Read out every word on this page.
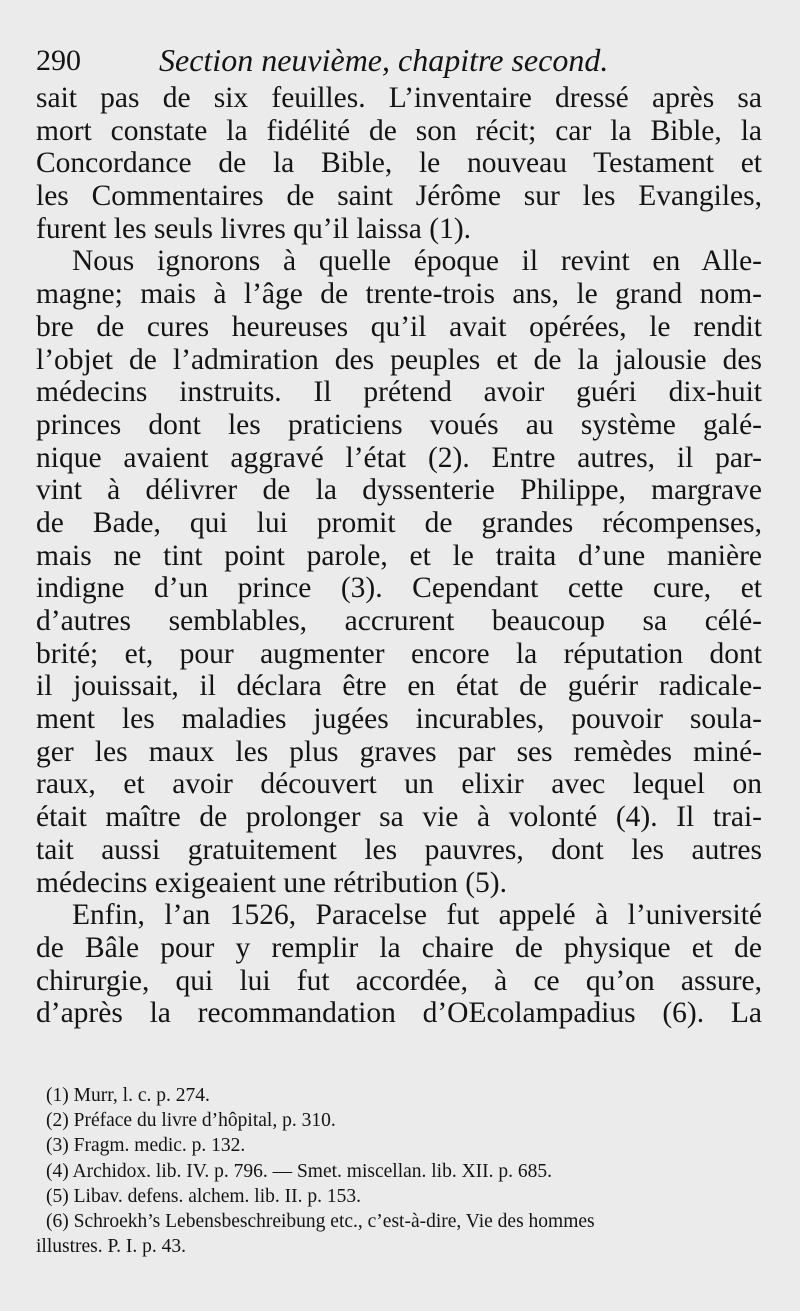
290 Section neuvième, chapitre second.
sait pas de six feuilles. L’inventaire dressé après sa
mort constate la fidélité de son récit; car la Bible, la
Concordance de la Bible, le nouveau Testament et
les Commentaires de saint Jérôme sur les Evangiles,
furent les seuls livres qu’il laissa (1).
Nous ignorons à quelle époque il revint en Alle-
magne; mais à l’âge de trente-trois ans, le grand nom-
bre de cures heureuses qu’il avait opérées, le rendit
l’objet de l’admiration des peuples et de la jalousie des
médecins instruits. Il prétend avoir guéri dix-huit
princes dont les praticiens voués au système galé-
nique avaient aggravé l’état (2). Entre autres, il par-
vint à délivrer de la dyssenterie Philippe, margrave
de Bade, qui lui promit de grandes récompenses,
mais ne tint point parole, et le traita d’une manière
indigne d’un prince (3). Cependant cette cure, et
d’autres semblables, accrurent beaucoup sa célé-
brité; et, pour augmenter encore la réputation dont
il jouissait, il déclara être en état de guérir radicale-
ment les maladies jugées incurables, pouvoir soula-
ger les maux les plus graves par ses remèdes miné-
raux, et avoir découvert un elixir avec lequel on
était maître de prolonger sa vie à volonté (4). Il trai-
tait aussi gratuitement les pauvres, dont les autres
médecins exigeaient une rétribution (5).
Enfin, l’an 1526, Paracelse fut appelé à l’université
de Bâle pour y remplir la chaire de physique et de
chirurgie, qui lui fut accordée, à ce qu’on assure,
d’après la recommandation d’OEcolampadius (6). La
(1) Murr, l. c. p. 274.
(2) Préface du livre d’hôpital, p. 310.
(3) Fragm. medic. p. 132.
(4) Archidox. lib. IV. p. 796. — Smet. miscellan. lib. XII. p. 685.
(5) Libav. defens. alchem. lib. II. p. 153.
(6) Schroekh’s Lebensbeschreibung etc., c’est-à-dire, Vie des hommes
illustres. P. I. p. 43.
